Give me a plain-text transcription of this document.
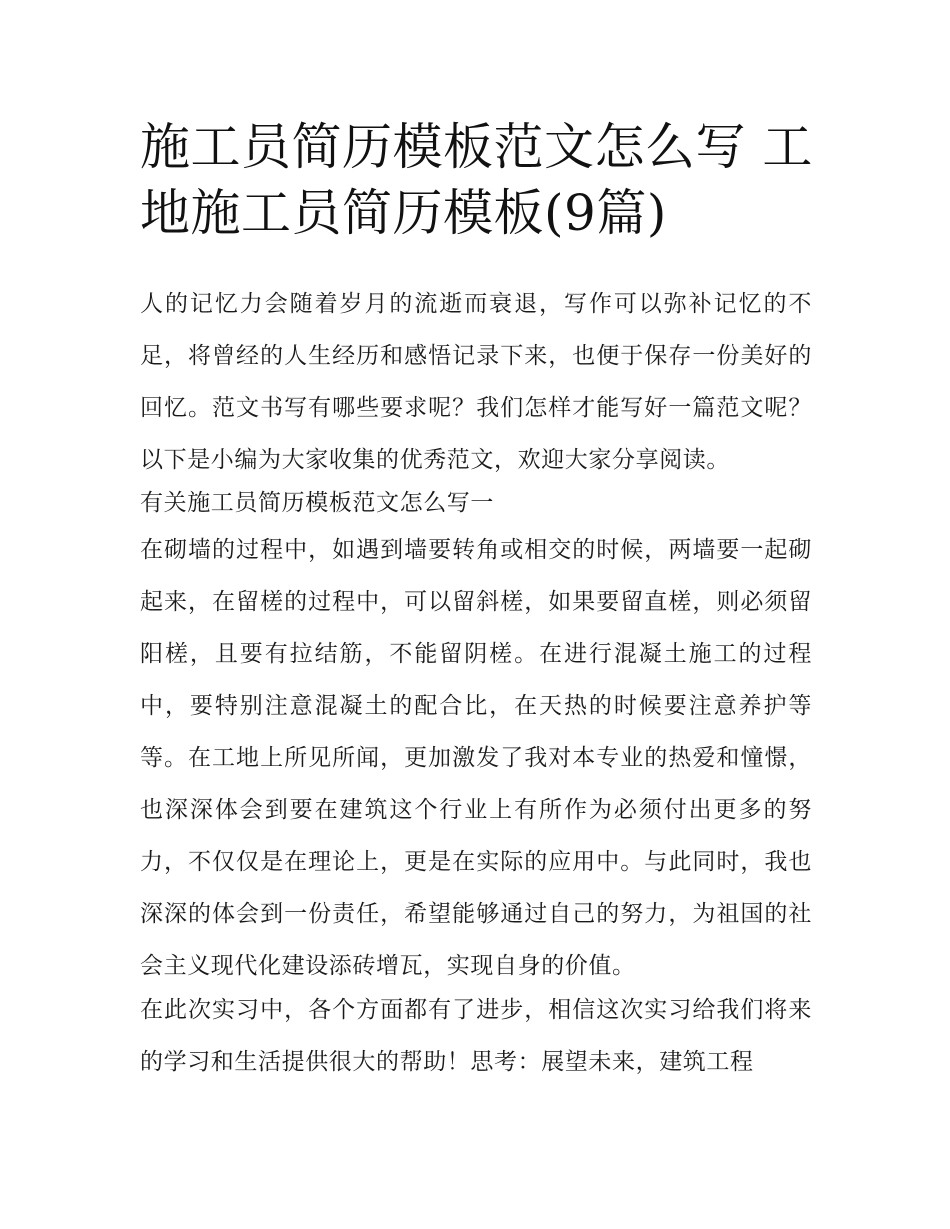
施工员简历模板范文怎么写 工地施工员简历模板(9篇)

人的记忆力会随着岁月的流逝而衰退，写作可以弥补记忆的不足，将曾经的人生经历和感悟记录下来，也便于保存一份美好的回忆。范文书写有哪些要求呢？我们怎样才能写好一篇范文呢？以下是小编为大家收集的优秀范文，欢迎大家分享阅读。

有关施工员简历模板范文怎么写一

在砌墙的过程中，如遇到墙要转角或相交的时候，两墙要一起砌起来，在留槎的过程中，可以留斜槎，如果要留直槎，则必须留阳槎，且要有拉结筋，不能留阴槎。在进行混凝土施工的过程中，要特别注意混凝土的配合比，在天热的时候要注意养护等等。在工地上所见所闻，更加激发了我对本专业的热爱和憧憬，也深深体会到要在建筑这个行业上有所作为必须付出更多的努力，不仅仅是在理论上，更是在实际的应用中。与此同时，我也深深的体会到一份责任，希望能够通过自己的努力，为祖国的社会主义现代化建设添砖增瓦，实现自身的价值。

在此次实习中，各个方面都有了进步，相信这次实习给我们将来的学习和生活提供很大的帮助！思考：展望未来，建筑工程
